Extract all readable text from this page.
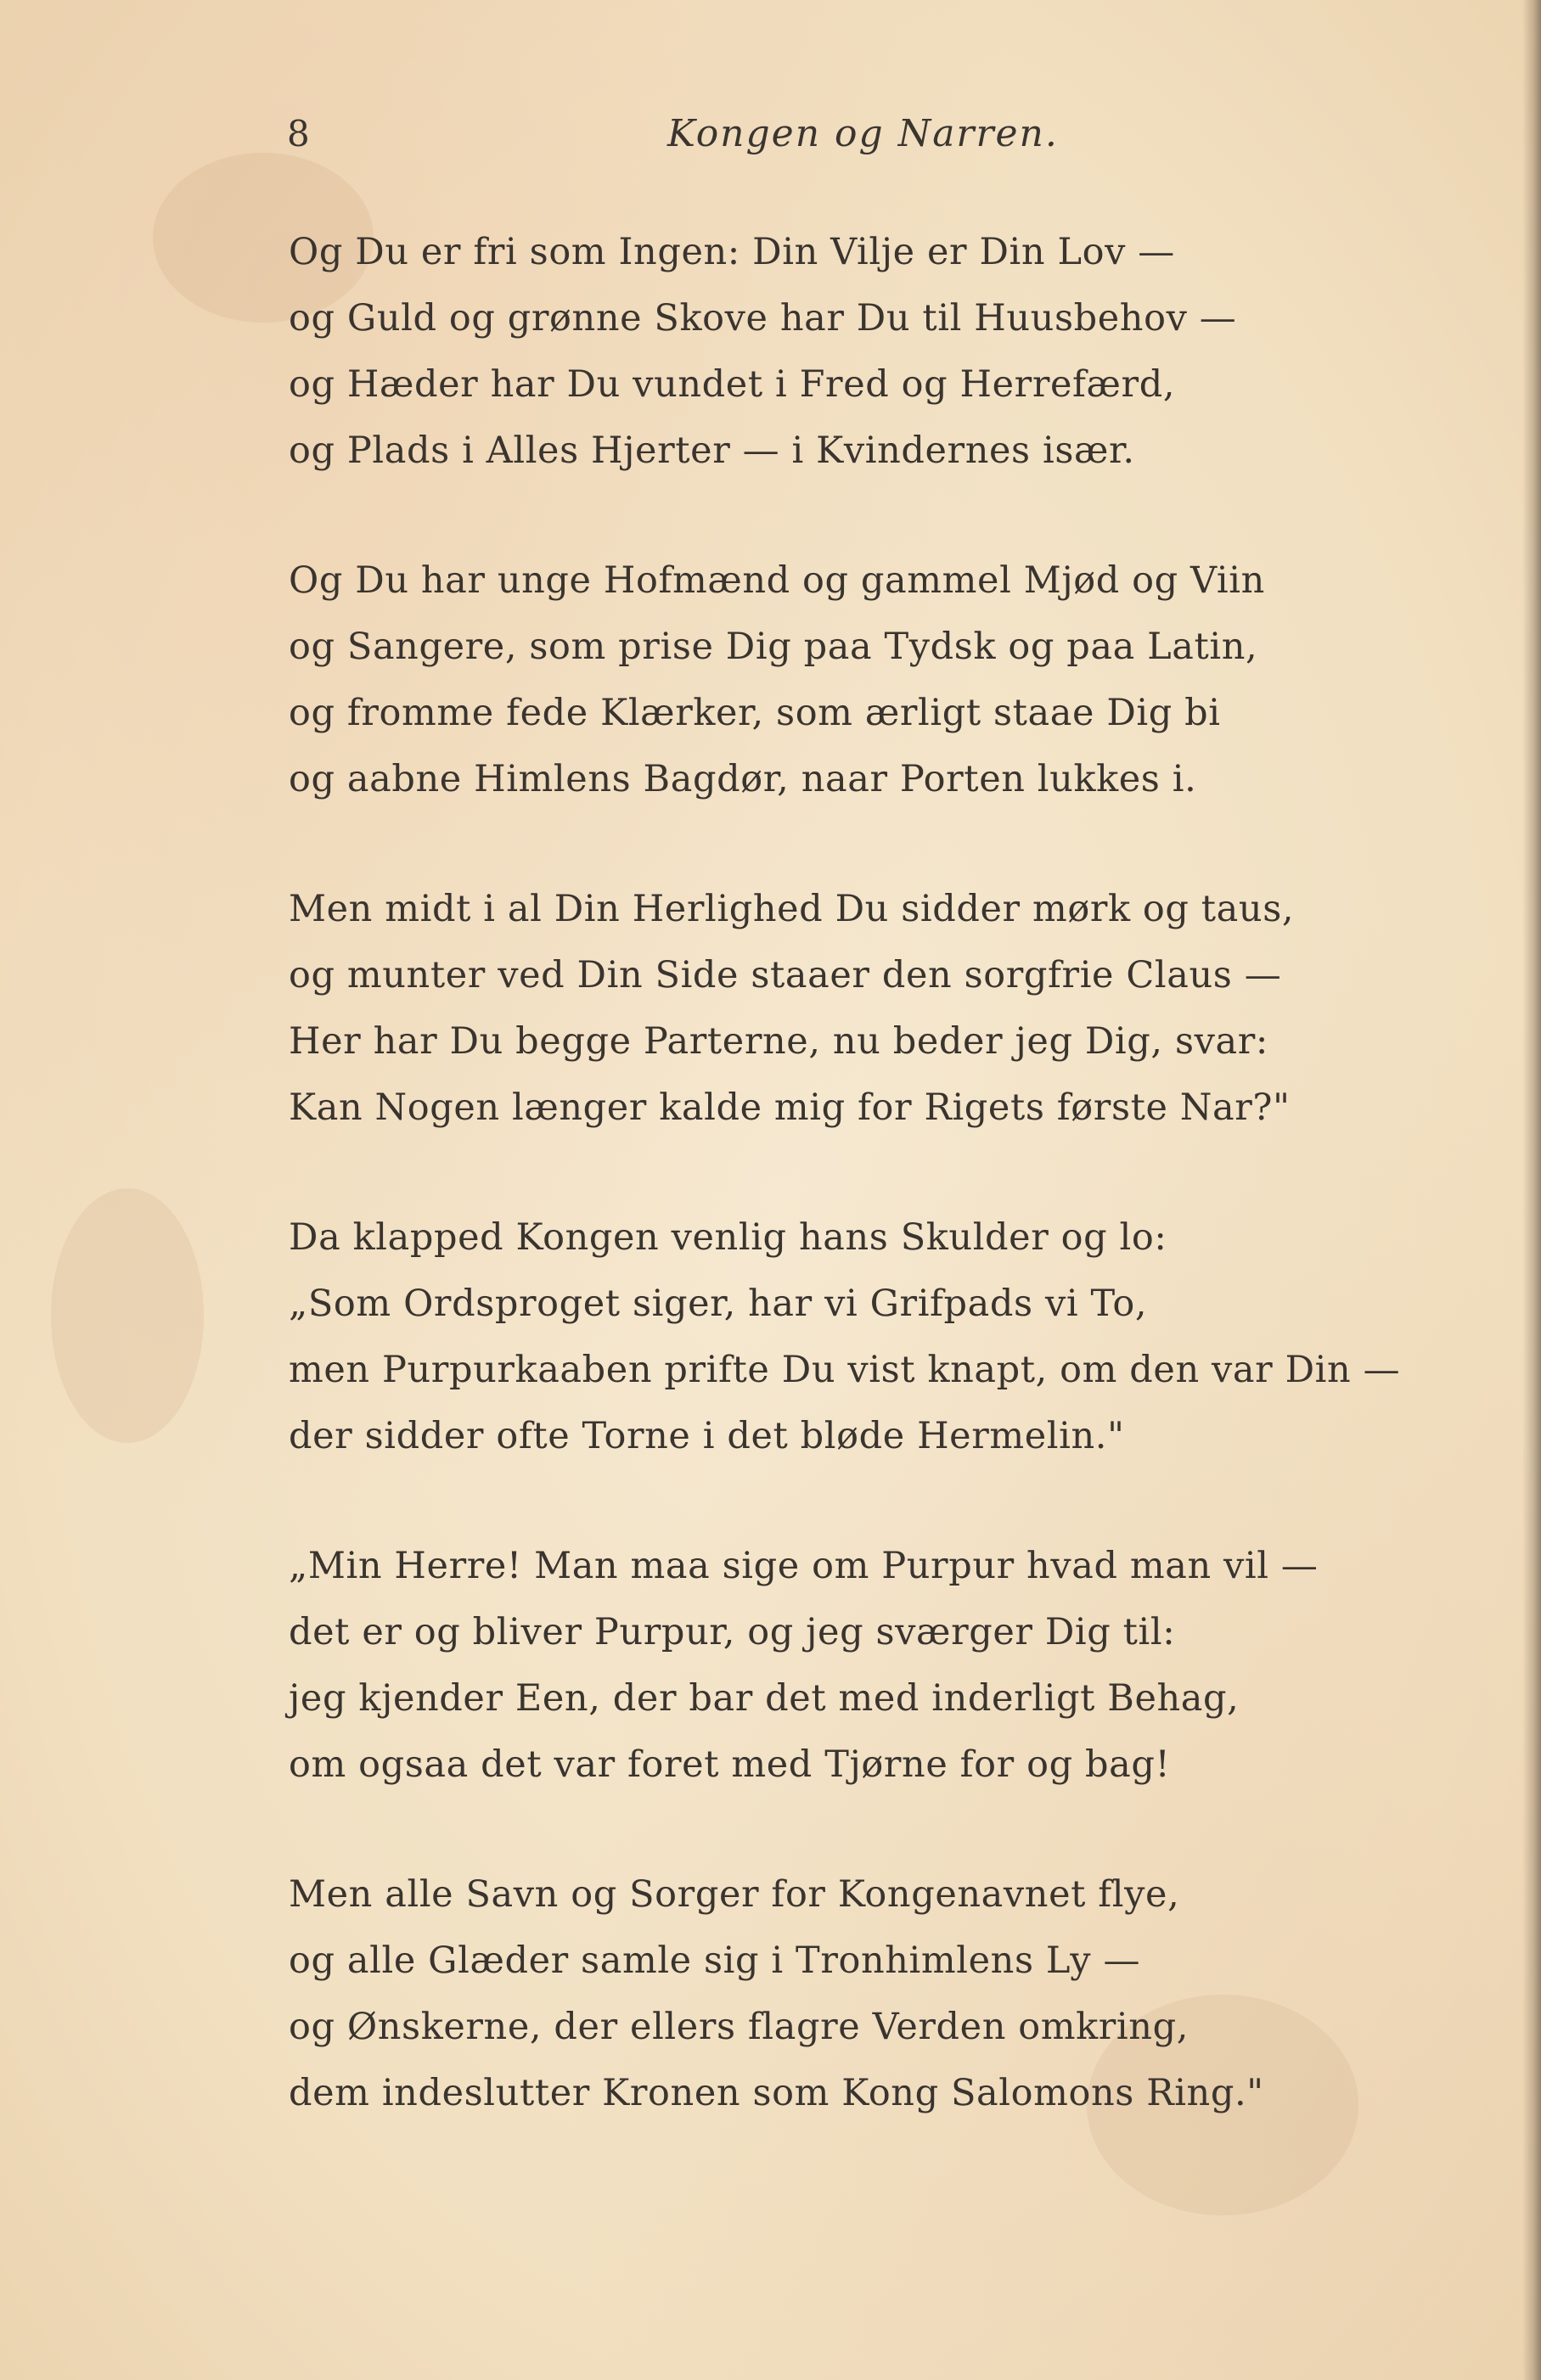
8	Kongen og Narren.
Og Du er fri som Ingen: Din Vilje er Din Lov —
og Guld og grønne Skove har Du til Huusbehov —
og Hæder har Du vundet i Fred og Herrefærd,
og Plads i Alles Hjerter — i Kvindernes især.
Og Du har unge Hofmænd og gammel Mjød og Viin
og Sangere, som prise Dig paa Tydsk og paa Latin,
og fromme fede Klærker, som ærligt staae Dig bi
og aabne Himlens Bagdør, naar Porten lukkes i.
Men midt i al Din Herlighed Du sidder mørk og taus,
og munter ved Din Side staaer den sorgfrie Claus —
Her har Du begge Parterne, nu beder jeg Dig, svar:
Kan Nogen længer kalde mig for Rigets første Nar?"
Da klapped Kongen venlig hans Skulder og lo:
„Som Ordsproget siger, har vi Grifpads vi To,
men Purpurkaaben prifte Du vist knapt, om den var Din —
der sidder ofte Torne i det bløde Hermelin."
„Min Herre! Man maa sige om Purpur hvad man vil —
det er og bliver Purpur, og jeg sværger Dig til:
jeg kjender Een, der bar det med inderligt Behag,
om ogsaa det var foret med Tjørne for og bag!
Men alle Savn og Sorger for Kongenavnet flye,
og alle Glæder samle sig i Tronhimlens Ly —
og Ønskerne, der ellers flagre Verden omkring,
dem indeslutter Kronen som Kong Salomons Ring."
